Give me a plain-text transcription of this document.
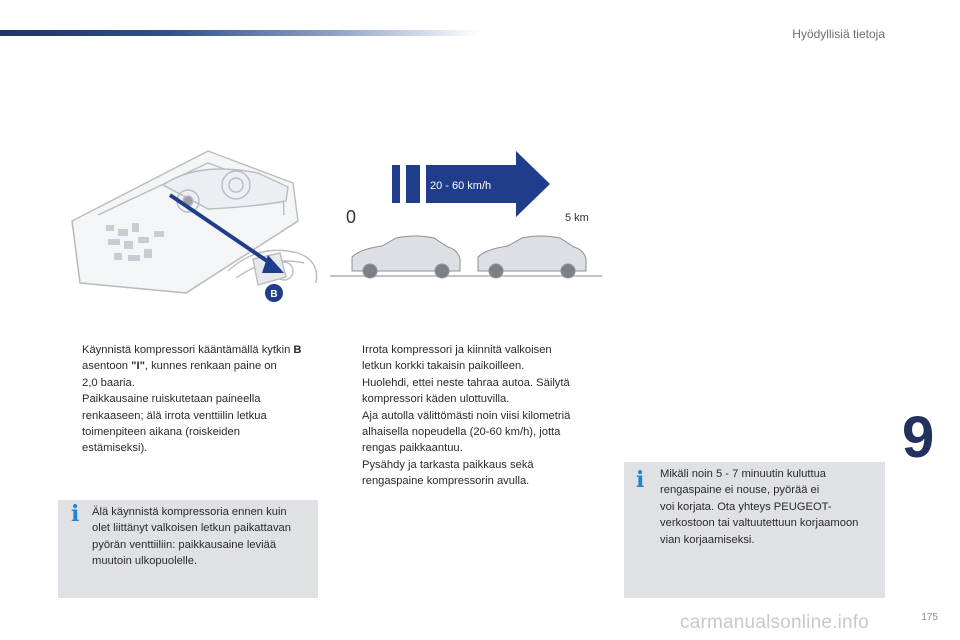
Hyödyllisiä tietoja
B
20 - 60 km/h
0	5 km
Käynnistä kompressori kääntämällä kytkin B
asentoon "I", kunnes renkaan paine on
2,0 baaria.
Paikkausaine ruiskutetaan paineella
renkaaseen; älä irrota venttiilin letkua
toimenpiteen aikana (roiskeiden
estämiseksi).
Irrota kompressori ja kiinnitä valkoisen
letkun korkki takaisin paikoilleen.
Huolehdi, ettei neste tahraa autoa. Säilytä
kompressori käden ulottuvilla.
Aja autolla välittömästi noin viisi kilometriä
alhaisella nopeudella (20-60 km/h), jotta
rengas paikkaantuu.
Pysähdy ja tarkasta paikkaus sekä
rengaspaine kompressorin avulla.
i Älä käynnistä kompressoria ennen kuin
olet liittänyt valkoisen letkun paikattavan
pyörän venttiiliin: paikkausaine leviää
muutoin ulkopuolelle.
i Mikäli noin 5 - 7 minuutin kuluttua
rengaspaine ei nouse, pyörää ei
voi korjata. Ota yhteys PEUGEOT-
verkostoon tai valtuutettuun korjaamoon
vian korjaamiseksi.
9
carmanualsonline.info	175
